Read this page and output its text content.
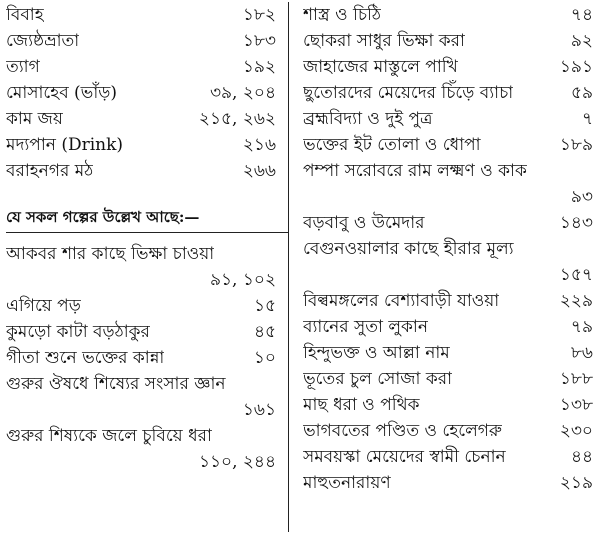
বিবাহ	১৮২
জ্যেষ্ঠভ্রাতা	১৮৩
ত্যাগ	১৯২
মোসাহেব (ভাঁড়)	৩৯, ২০৪
কাম জয়	২১৫, ২৬২
মদ্যপান (Drink)	২১৬
বরাহনগর মঠ	২৬৬
যে সকল গল্পের উল্লেখ আছে:—
আকবর শার কাছে ভিক্ষা চাওয়া
৯১, ১০২
এগিয়ে পড়	১৫
কুমড়ো কাটা বড়ঠাকুর	৪৫
গীতা শুনে ভক্তের কান্না	১০
গুরুর ঔষধে শিষ্যের সংসার জ্ঞান
১৬১
গুরুর শিষ্যকে জলে চুবিয়ে ধরা
১১০, ২৪৪
শাস্ত্র ও চিঠি	৭৪
ছোকরা সাধুর ভিক্ষা করা	৯২
জাহাজের মাস্তুলে পাখি	১৯১
ছুতোরদের মেয়েদের চিঁড়ে ব্যাচা	৫৯
ব্রহ্মবিদ্যা ও দুই পুত্র	৭
ভক্তের ইট তোলা ও ধোপা	১৮৯
পম্পা সরোবরে রাম লক্ষ্মণ ও কাক
৯৩
বড়বাবু ও উমেদার	১৪৩
বেগুনওয়ালার কাছে হীরার মূল্য
১৫৭
বিল্বমঙ্গলের বেশ্যাবাড়ী যাওয়া	২২৯
ব্যানের সুতা লুকান	৭৯
হিন্দুভক্ত ও আল্লা নাম	৮৬
ভূতের চুল সোজা করা	১৮৮
মাছ ধরা ও পথিক	১৩৮
ভাগবতের পণ্ডিত ও হেলেগরু	২৩০
সমবয়স্কা মেয়েদের স্বামী চেনান	৪৪
মাহুতনারায়ণ	২১৯
